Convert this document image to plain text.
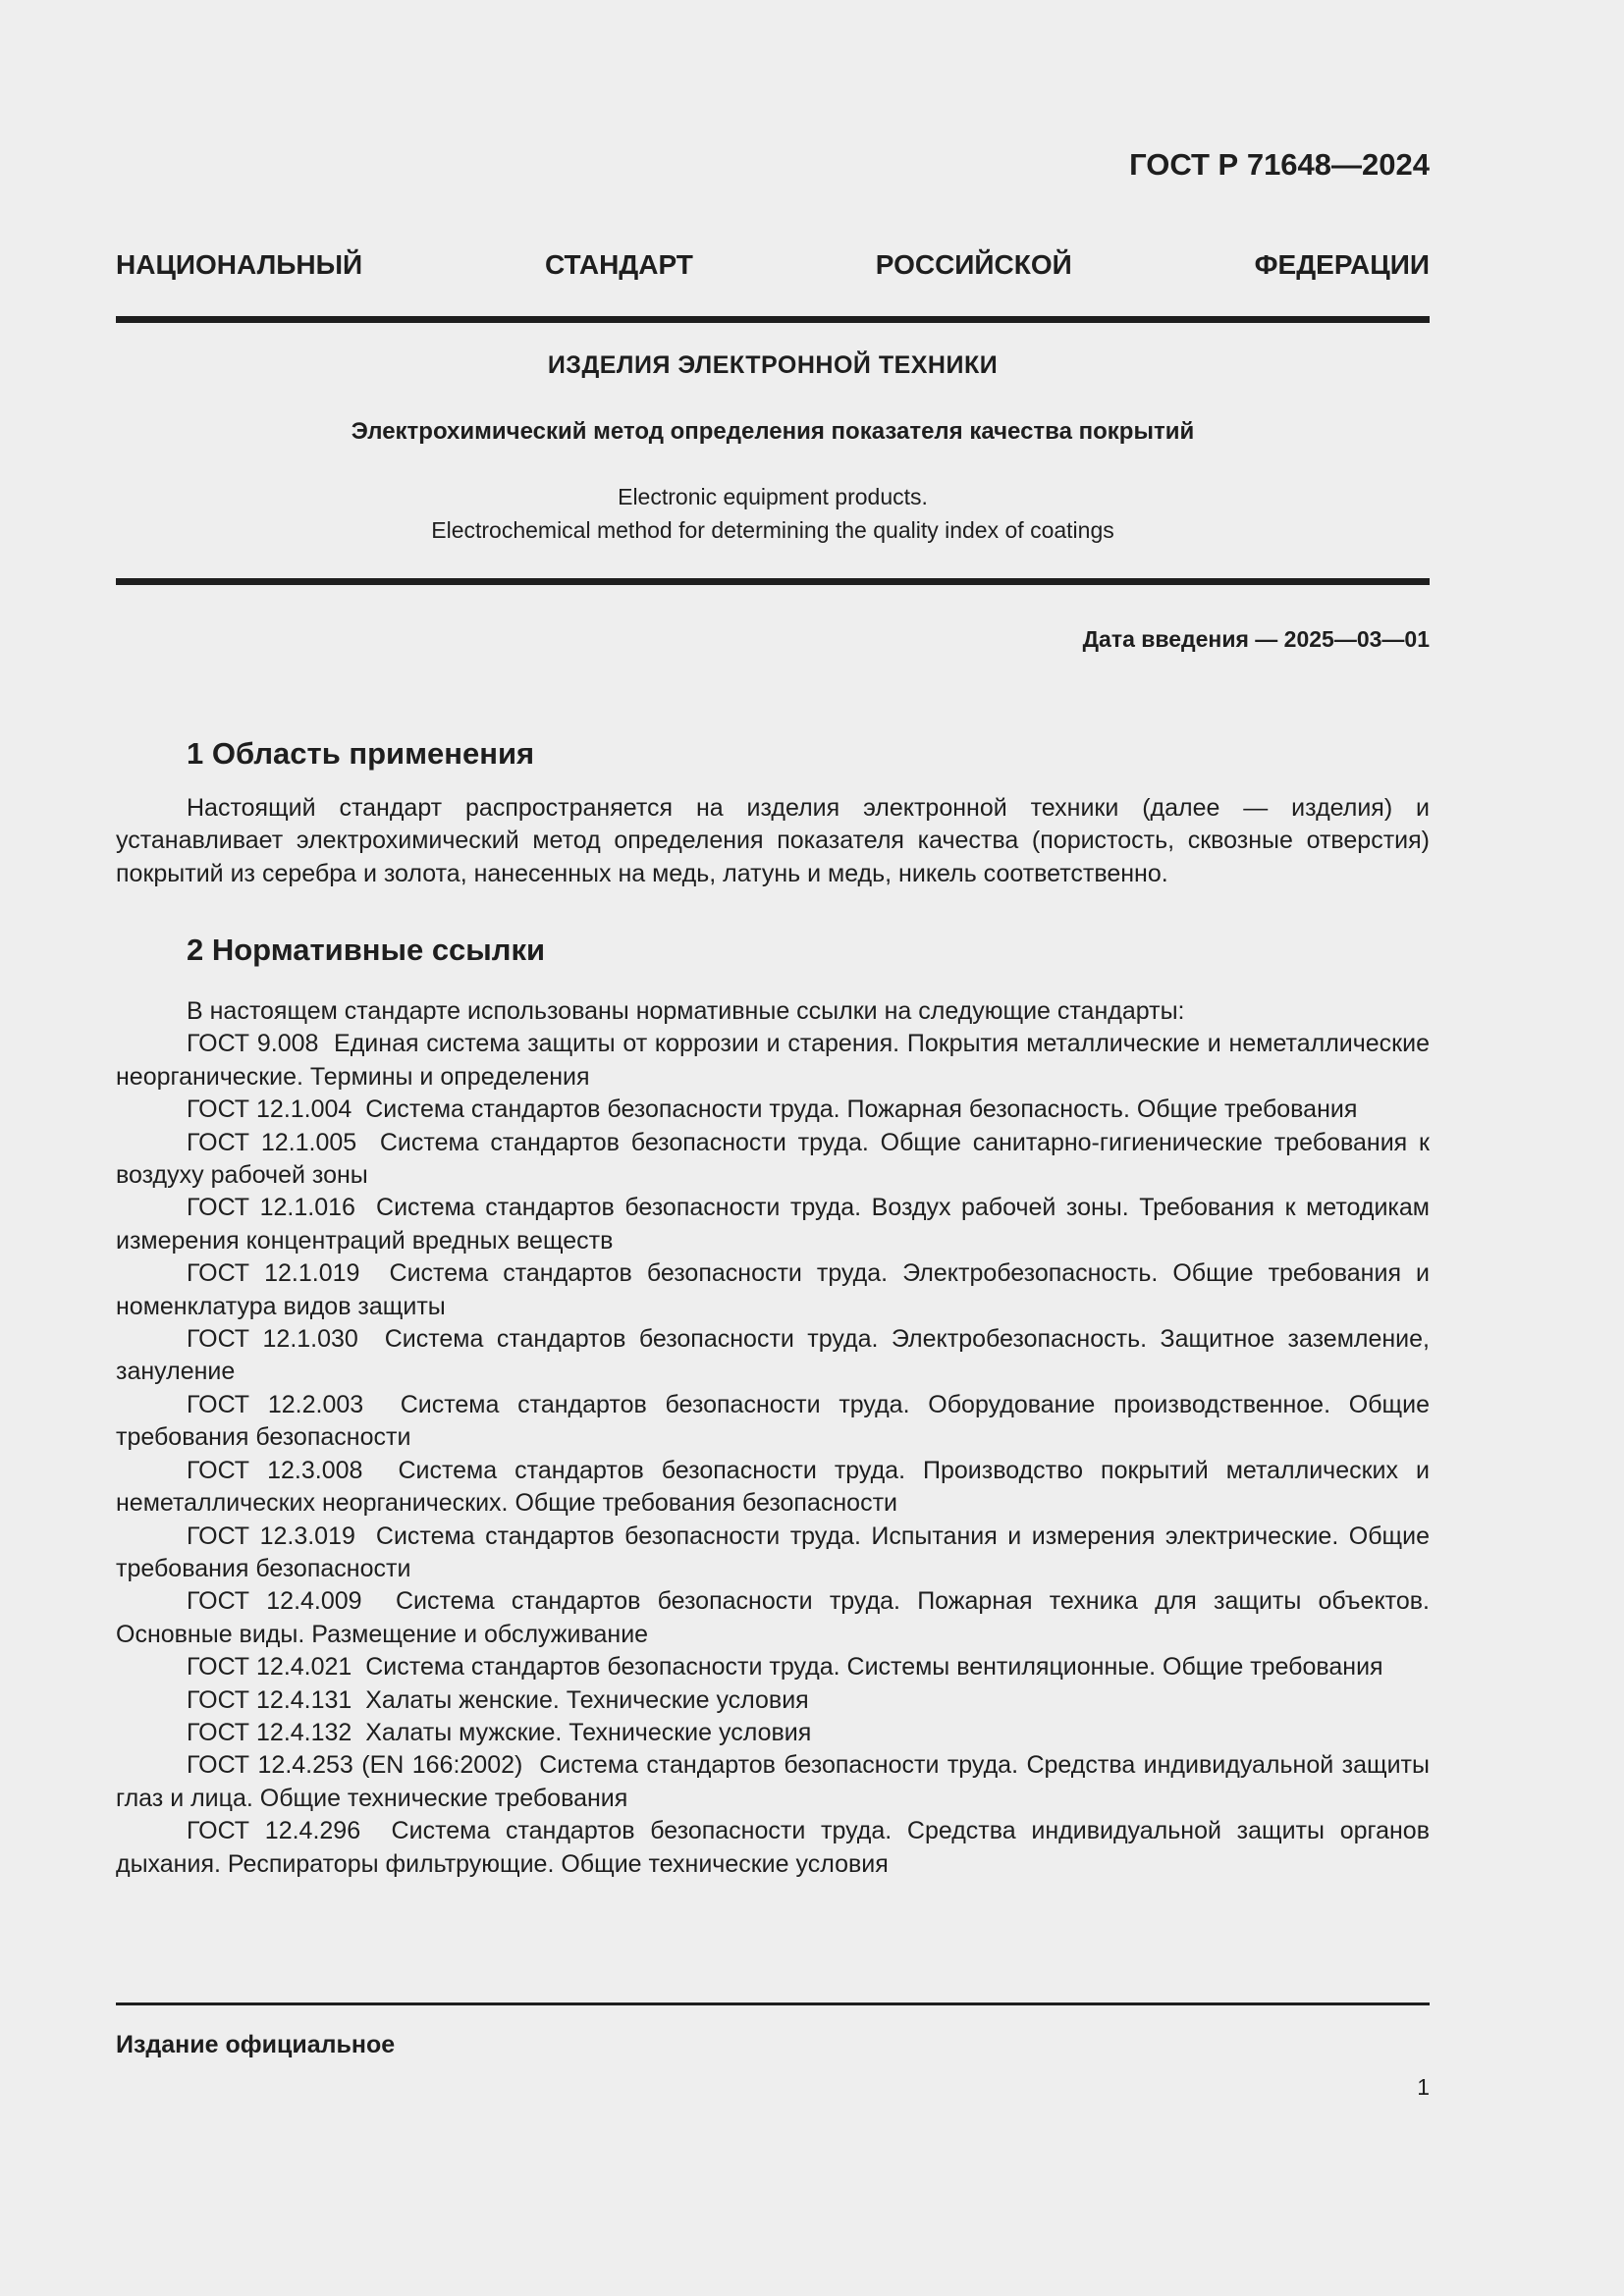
ГОСТ Р 71648—2024
НАЦИОНАЛЬНЫЙ	СТАНДАРТ	РОССИЙСКОЙ	ФЕДЕРАЦИИ
ИЗДЕЛИЯ ЭЛЕКТРОННОЙ ТЕХНИКИ
Электрохимический метод определения показателя качества покрытий
Electronic equipment products.
Electrochemical method for determining the quality index of coatings
Дата введения — 2025—03—01
1 Область применения

Настоящий стандарт распространяется на изделия электронной техники (далее — изделия) и устанавливает электрохимический метод определения показателя качества (пористость, сквозные отверстия) покрытий из серебра и золота, нанесенных на медь, латунь и медь, никель соответственно.

2 Нормативные ссылки

В настоящем стандарте использованы нормативные ссылки на следующие стандарты:

ГОСТ 9.008 Единая система защиты от коррозии и старения. Покрытия металлические и неметаллические неорганические. Термины и определения

ГОСТ 12.1.004 Система стандартов безопасности труда. Пожарная безопасность. Общие требования

ГОСТ 12.1.005 Система стандартов безопасности труда. Общие санитарно-гигиенические требования к воздуху рабочей зоны

ГОСТ 12.1.016 Система стандартов безопасности труда. Воздух рабочей зоны. Требования к методикам измерения концентраций вредных веществ

ГОСТ 12.1.019 Система стандартов безопасности труда. Электробезопасность. Общие требования и номенклатура видов защиты

ГОСТ 12.1.030 Система стандартов безопасности труда. Электробезопасность. Защитное заземление, зануление

ГОСТ 12.2.003 Система стандартов безопасности труда. Оборудование производственное. Общие требования безопасности

ГОСТ 12.3.008 Система стандартов безопасности труда. Производство покрытий металлических и неметаллических неорганических. Общие требования безопасности

ГОСТ 12.3.019 Система стандартов безопасности труда. Испытания и измерения электрические. Общие требования безопасности

ГОСТ 12.4.009 Система стандартов безопасности труда. Пожарная техника для защиты объектов. Основные виды. Размещение и обслуживание

ГОСТ 12.4.021 Система стандартов безопасности труда. Системы вентиляционные. Общие требования

ГОСТ 12.4.131 Халаты женские. Технические условия

ГОСТ 12.4.132 Халаты мужские. Технические условия

ГОСТ 12.4.253 (EN 166:2002) Система стандартов безопасности труда. Средства индивидуальной защиты глаз и лица. Общие технические требования

ГОСТ 12.4.296 Система стандартов безопасности труда. Средства индивидуальной защиты органов дыхания. Респираторы фильтрующие. Общие технические условия

Издание официальное
1
